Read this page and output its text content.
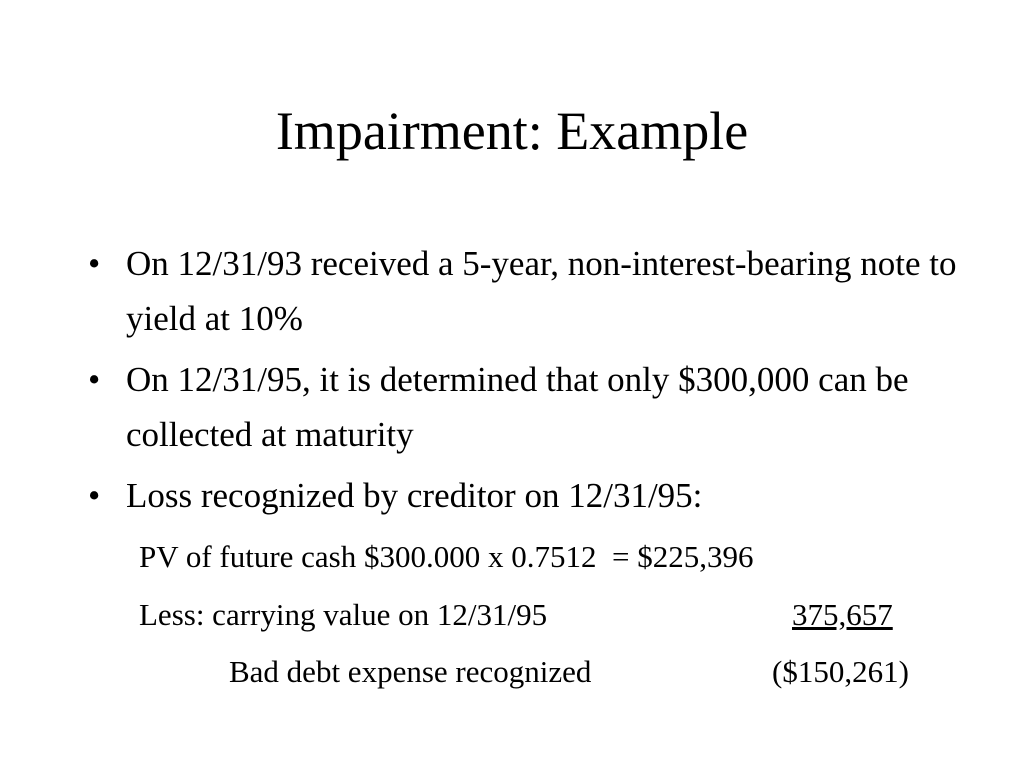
Impairment: Example
• On 12/31/93 received a 5-year, non-interest-bearing note to yield at 10%
• On 12/31/95, it is determined that only $300,000 can be collected at maturity
• Loss recognized by creditor on 12/31/95:
PV of future cash $300.000 x 0.7512  = $225,396
Less: carrying value on 12/31/95	375,657
Bad debt expense recognized	($150,261)
